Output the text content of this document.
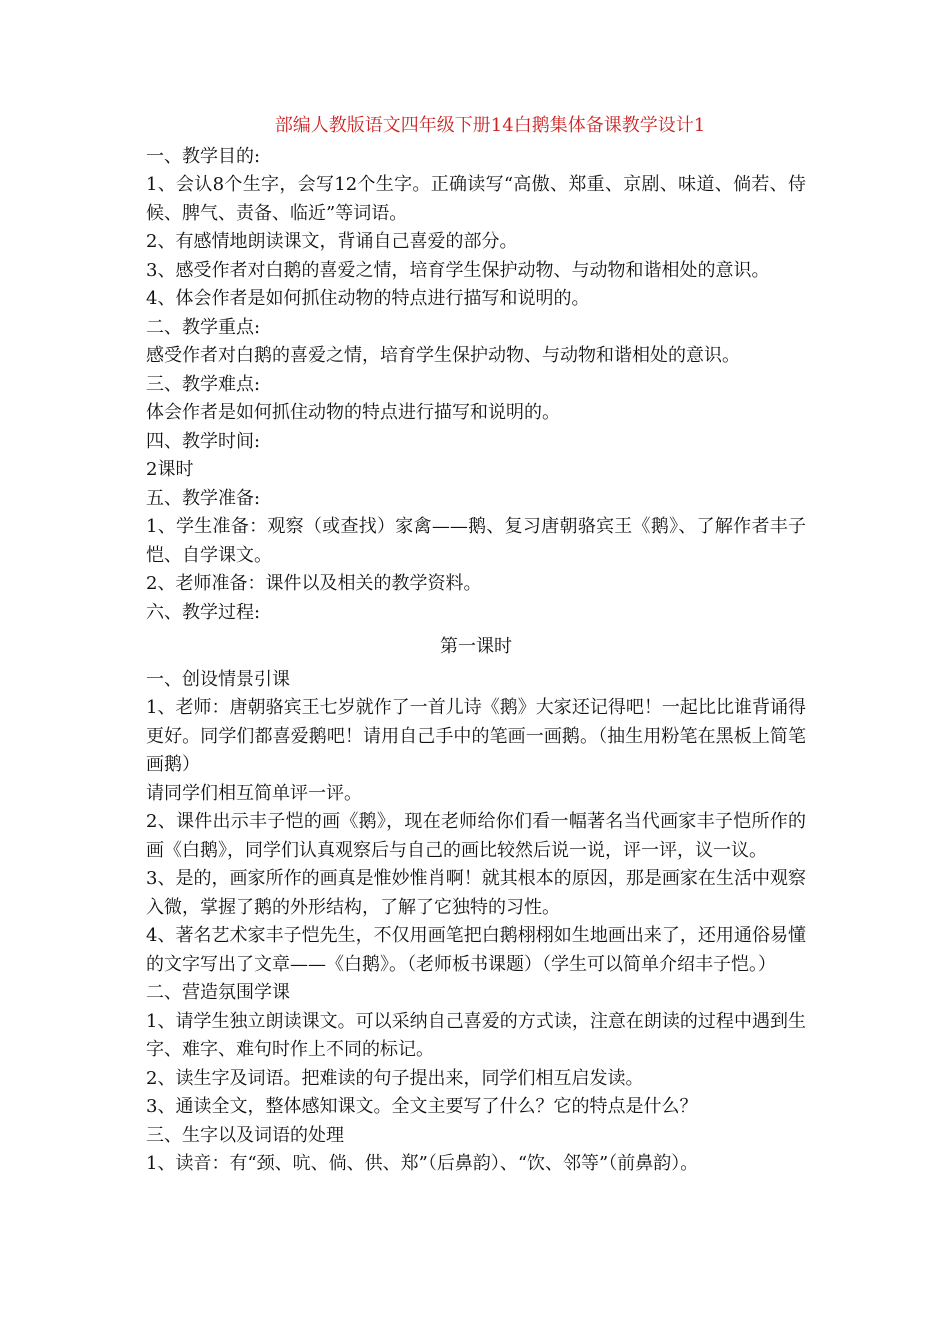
部编人教版语文四年级下册14白鹅集体备课教学设计1
一、教学目的:
1、会认8个生字，会写12个生字。正确读写“高傲、郑重、京剧、味道、倘若、侍候、脾气、责备、临近”等词语。
2、有感情地朗读课文，背诵自己喜爱的部分。
3、感受作者对白鹅的喜爱之情，培育学生保护动物、与动物和谐相处的意识。
4、体会作者是如何抓住动物的特点进行描写和说明的。
二、教学重点:
感受作者对白鹅的喜爱之情，培育学生保护动物、与动物和谐相处的意识。
三、教学难点:
体会作者是如何抓住动物的特点进行描写和说明的。
四、教学时间:
2课时
五、教学准备:
1、学生准备：观察（或查找）家禽——鹅、复习唐朝骆宾王《鹅》、了解作者丰子恺、自学课文。
2、老师准备：课件以及相关的教学资料。
六、教学过程:
第一课时
一、创设情景引课
1、老师：唐朝骆宾王七岁就作了一首儿诗《鹅》大家还记得吧！一起比比谁背诵得更好。同学们都喜爱鹅吧！请用自己手中的笔画一画鹅。（抽生用粉笔在黑板上简笔画鹅）
请同学们相互简单评一评。
2、课件出示丰子恺的画《鹅》，现在老师给你们看一幅著名当代画家丰子恺所作的画《白鹅》，同学们认真观察后与自己的画比较然后说一说，评一评，议一议。
3、是的，画家所作的画真是惟妙惟肖啊！就其根本的原因，那是画家在生活中观察入微，掌握了鹅的外形结构，了解了它独特的习性。
4、著名艺术家丰子恺先生，不仅用画笔把白鹅栩栩如生地画出来了，还用通俗易懂的文字写出了文章——《白鹅》。（老师板书课题）（学生可以简单介绍丰子恺。）
二、营造氛围学课
1、请学生独立朗读课文。可以采纳自己喜爱的方式读，注意在朗读的过程中遇到生字、难字、难句时作上不同的标记。
2、读生字及词语。把难读的句子提出来，同学们相互启发读。
3、通读全文，整体感知课文。全文主要写了什么？它的特点是什么？
三、生字以及词语的处理
1、读音：有“颈、吭、倘、供、郑”（后鼻韵）、“饮、邻等”（前鼻韵）。
